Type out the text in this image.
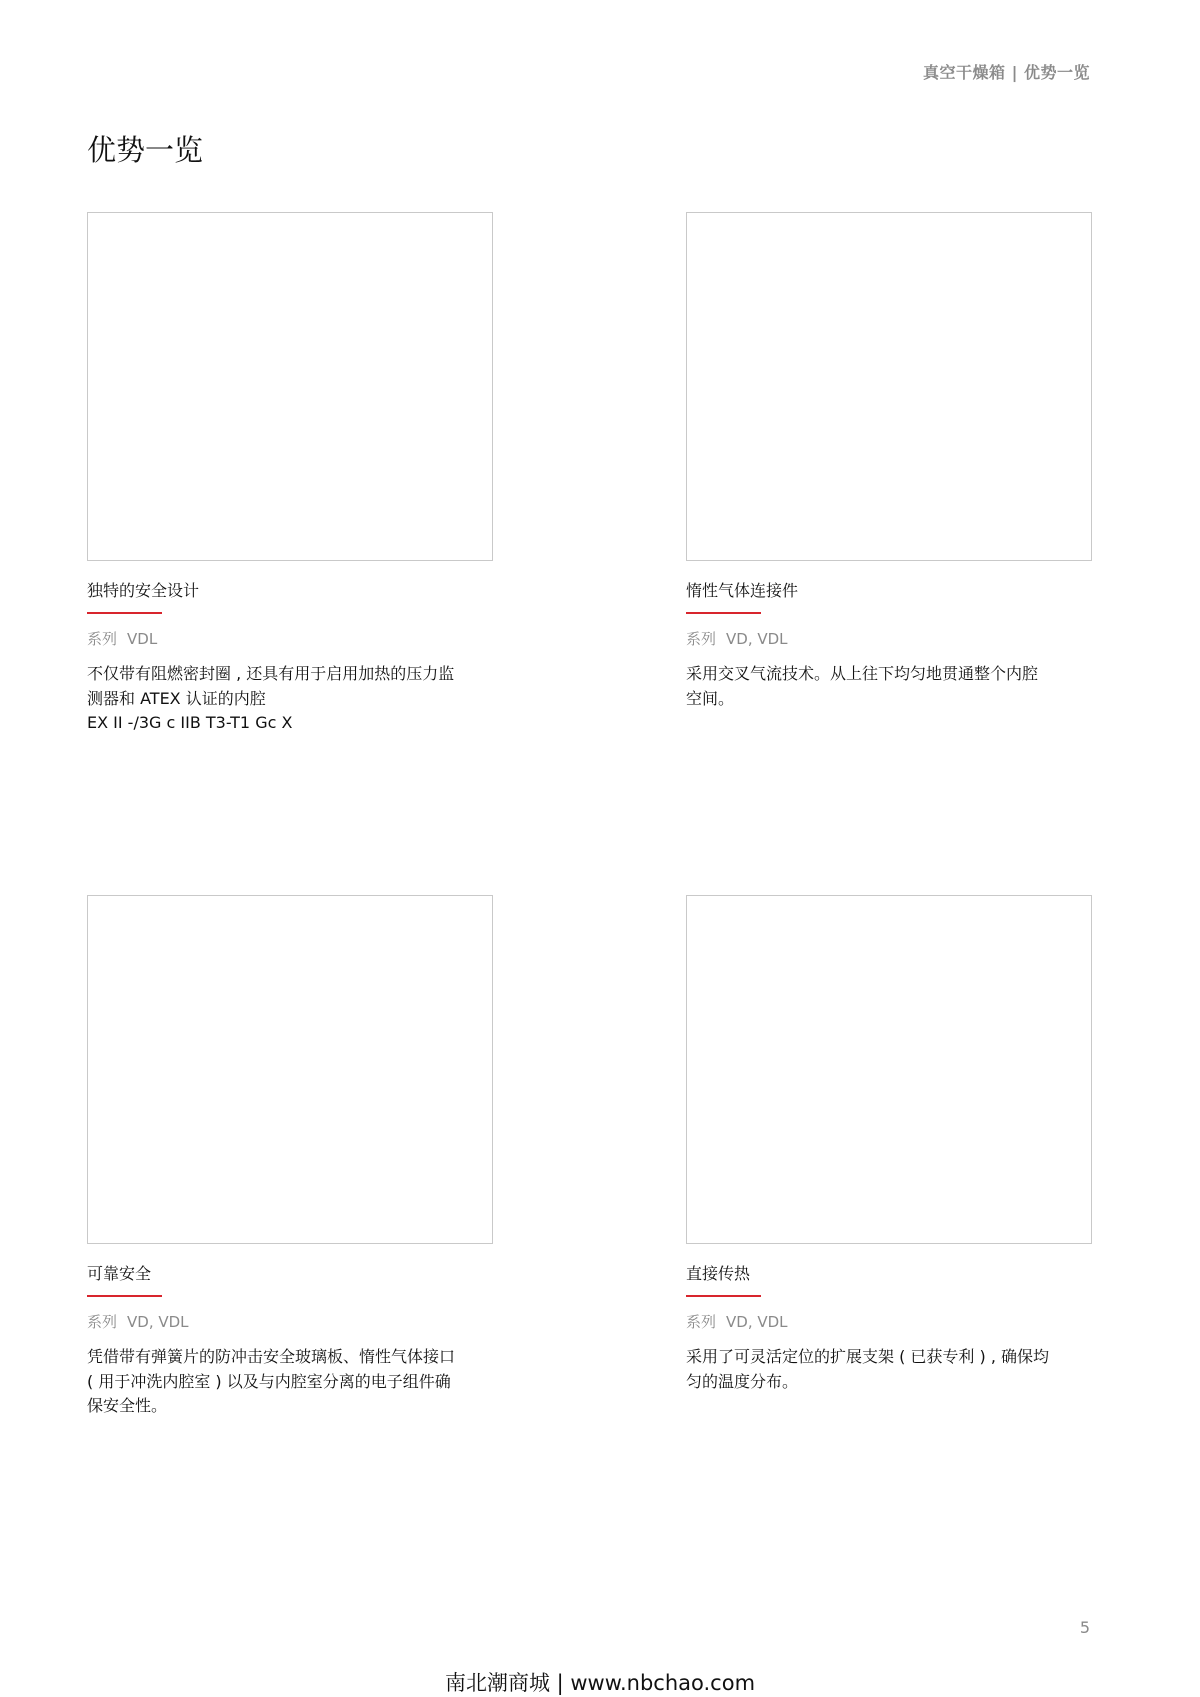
真空干燥箱 | 优势一览
优势一览
独特的安全设计
系列 VDL
不仅带有阻燃密封圈 , 还具有用于启用加热的压力监
测器和 ATEX 认证的内腔
EX II -/3G c IIB T3-T1 Gc X
惰性气体连接件
系列 VD, VDL
采用交叉气流技术。从上往下均匀地贯通整个内腔
空间。
可靠安全
系列 VD, VDL
凭借带有弹簧片的防冲击安全玻璃板、惰性气体接口
( 用于冲洗内腔室 ) 以及与内腔室分离的电子组件确
保安全性。
直接传热
系列 VD, VDL
采用了可灵活定位的扩展支架 ( 已获专利 ) , 确保均
匀的温度分布。
5
南北潮商城 | www.nbchao.com
